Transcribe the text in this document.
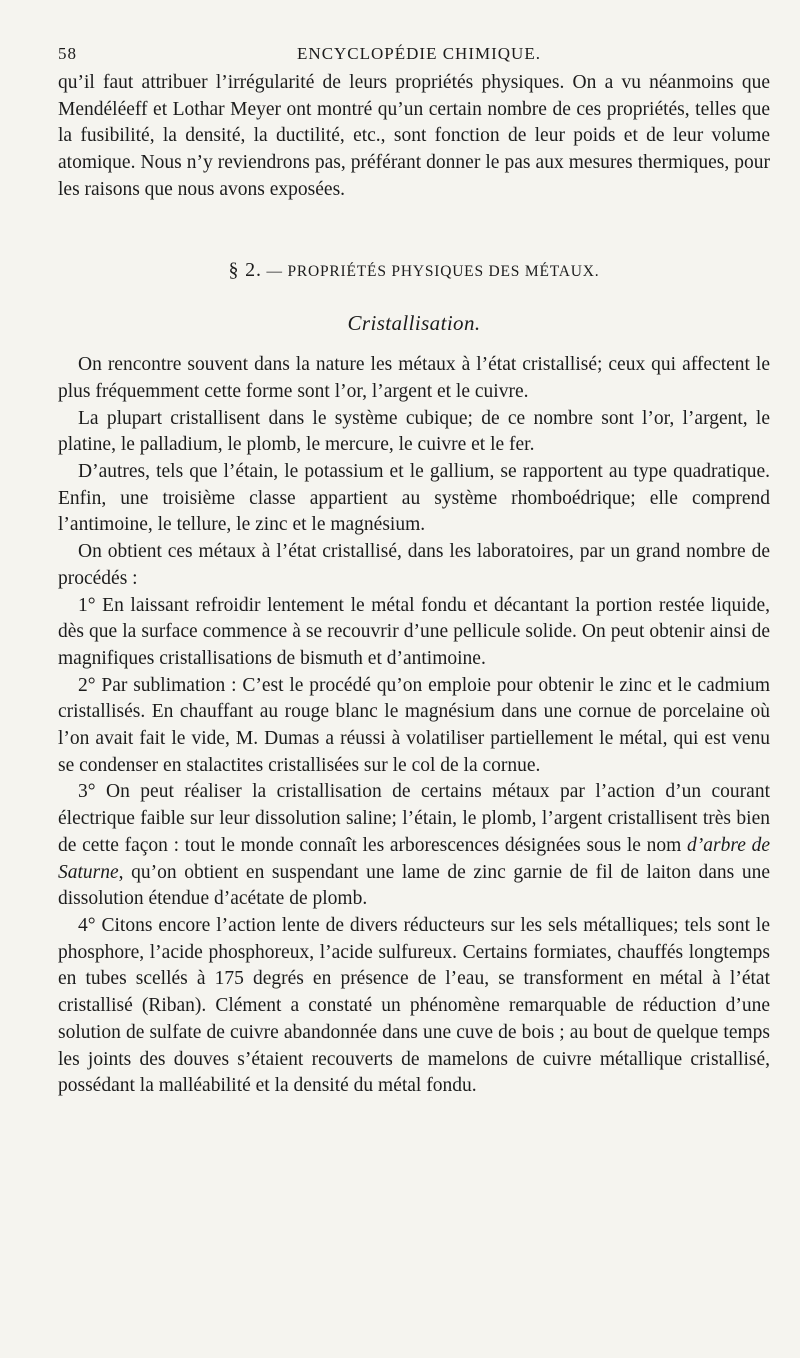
58	ENCYCLOPÉDIE CHIMIQUE.

qu’il faut attribuer l’irrégularité de leurs propriétés physiques. On a vu néanmoins que Mendéléeff et Lothar Meyer ont montré qu’un certain nombre de ces propriétés, telles que la fusibilité, la densité, la ductilité, etc., sont fonction de leur poids et de leur volume atomique. Nous n’y reviendrons pas, préférant donner le pas aux mesures thermiques, pour les raisons que nous avons exposées.

§ 2. — PROPRIÉTÉS PHYSIQUES DES MÉTAUX.
Cristallisation.

On rencontre souvent dans la nature les métaux à l’état cristallisé; ceux qui affectent le plus fréquemment cette forme sont l’or, l’argent et le cuivre.

La plupart cristallisent dans le système cubique; de ce nombre sont l’or, l’argent, le platine, le palladium, le plomb, le mercure, le cuivre et le fer.

D’autres, tels que l’étain, le potassium et le gallium, se rapportent au type quadratique. Enfin, une troisième classe appartient au système rhomboédrique; elle comprend l’antimoine, le tellure, le zinc et le magnésium.

On obtient ces métaux à l’état cristallisé, dans les laboratoires, par un grand nombre de procédés :

1° En laissant refroidir lentement le métal fondu et décantant la portion restée liquide, dès que la surface commence à se recouvrir d’une pellicule solide. On peut obtenir ainsi de magnifiques cristallisations de bismuth et d’antimoine.

2° Par sublimation : C’est le procédé qu’on emploie pour obtenir le zinc et le cadmium cristallisés. En chauffant au rouge blanc le magnésium dans une cornue de porcelaine où l’on avait fait le vide, M. Dumas a réussi à volatiliser partiellement le métal, qui est venu se condenser en stalactites cristallisées sur le col de la cornue.

3° On peut réaliser la cristallisation de certains métaux par l’action d’un courant électrique faible sur leur dissolution saline; l’étain, le plomb, l’argent cristallisent très bien de cette façon : tout le monde connaît les arborescences désignées sous le nom d’arbre de Saturne, qu’on obtient en suspendant une lame de zinc garnie de fil de laiton dans une dissolution étendue d’acétate de plomb.

4° Citons encore l’action lente de divers réducteurs sur les sels métalliques; tels sont le phosphore, l’acide phosphoreux, l’acide sulfureux. Certains formiates, chauffés longtemps en tubes scellés à 175 degrés en présence de l’eau, se transforment en métal à l’état cristallisé (Riban). Clément a constaté un phénomène remarquable de réduction d’une solution de sulfate de cuivre abandonnée dans une cuve de bois ; au bout de quelque temps les joints des douves s’étaient recouverts de mamelons de cuivre métallique cristallisé, possédant la malléabilité et la densité du métal fondu.
